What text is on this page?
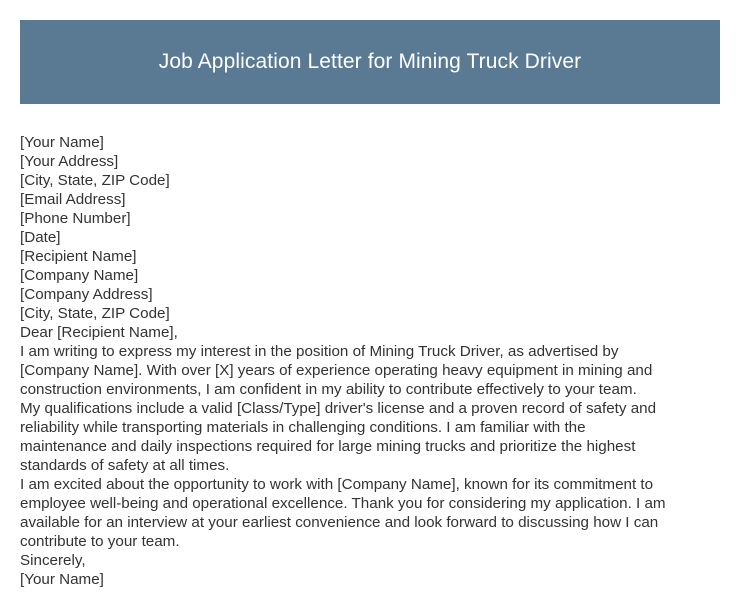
Job Application Letter for Mining Truck Driver
[Your Name]
[Your Address]
[City, State, ZIP Code]
[Email Address]
[Phone Number]
[Date]
[Recipient Name]
[Company Name]
[Company Address]
[City, State, ZIP Code]
Dear [Recipient Name],
I am writing to express my interest in the position of Mining Truck Driver, as advertised by
[Company Name]. With over [X] years of experience operating heavy equipment in mining and
construction environments, I am confident in my ability to contribute effectively to your team.
My qualifications include a valid [Class/Type] driver's license and a proven record of safety and
reliability while transporting materials in challenging conditions. I am familiar with the
maintenance and daily inspections required for large mining trucks and prioritize the highest
standards of safety at all times.
I am excited about the opportunity to work with [Company Name], known for its commitment to
employee well-being and operational excellence. Thank you for considering my application. I am
available for an interview at your earliest convenience and look forward to discussing how I can
contribute to your team.
Sincerely,
[Your Name]
